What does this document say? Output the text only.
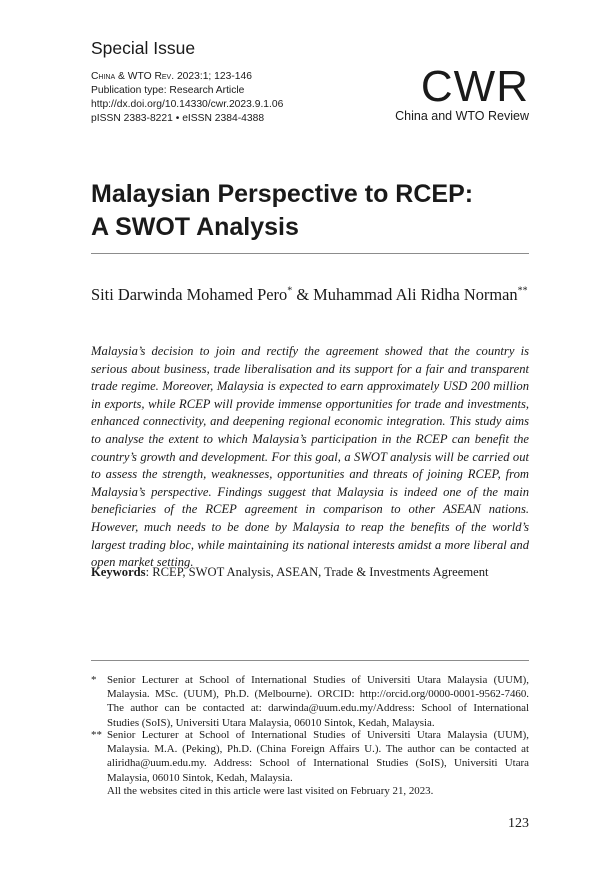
Special Issue
China & WTO Rev. 2023:1; 123-146
Publication type: Research Article
http://dx.doi.org/10.14330/cwr.2023.9.1.06
pISSN 2383-8221 • eISSN 2384-4388
CWR
China and WTO Review
Malaysian Perspective to RCEP:
A SWOT Analysis
Siti Darwinda Mohamed Pero* & Muhammad Ali Ridha Norman**

Malaysia’s decision to join and rectify the agreement showed that the country is serious about business, trade liberalisation and its support for a fair and transparent trade regime. Moreover, Malaysia is expected to earn approximately USD 200 million in exports, while RCEP will provide immense opportunities for trade and investments, enhanced connectivity, and deepening regional economic integration. This study aims to analyse the extent to which Malaysia’s participation in the RCEP can benefit the country’s growth and development. For this goal, a SWOT analysis will be carried out to assess the strength, weaknesses, opportunities and threats of joining RCEP, from Malaysia’s perspective. Findings suggest that Malaysia is indeed one of the main beneficiaries of the RCEP agreement in comparison to other ASEAN nations. However, much needs to be done by Malaysia to reap the benefits of the world’s largest trading bloc, while maintaining its national interests amidst a more liberal and open market setting.

Keywords: RCEP, SWOT Analysis, ASEAN, Trade & Investments Agreement
* Senior Lecturer at School of International Studies of Universiti Utara Malaysia (UUM), Malaysia. MSc. (UUM), Ph.D. (Melbourne). ORCID: http://orcid.org/0000-0001-9562-7460. The author can be contacted at: darwinda@uum.edu.my/Address: School of International Studies (SoIS), Universiti Utara Malaysia, 06010 Sintok, Kedah, Malaysia.
** Senior Lecturer at School of International Studies of Universiti Utara Malaysia (UUM), Malaysia. M.A. (Peking), Ph.D. (China Foreign Affairs U.). The author can be contacted at aliridha@uum.edu.my. Address: School of International Studies (SoIS), Universiti Utara Malaysia, 06010 Sintok, Kedah, Malaysia.
All the websites cited in this article were last visited on February 21, 2023.
123
